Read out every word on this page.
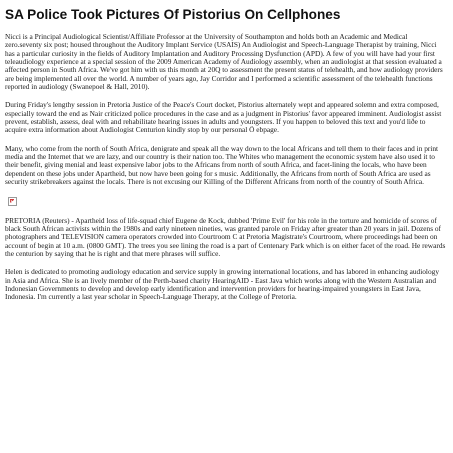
SA Police Took Pictures Of Pistorius On Cellphones

Nicci is a Principal Audiological Scientist/Affiliate Professor at the University of Southampton and holds both an Academic and Medical zero.seventy six post; housed throughout the Auditory Implant Service (USAIS) An Audiologist and Speech-Language Therapist by training, Nicci has a particular curiosity in the fields of Auditory Implantation and Auditory Processing Dysfunction (APD). A few of you will have had your first teleaudiology experience at a special session of the 2009 American Academy of Audiology assembly, when an audiologist at that session evaluated a affected person in South Africa. We've got him with us this month at 20Q to assessment the present status of telehealth, and how audiology providers are being implemented all over the world. A number of years ago, Jay Corridor and I performed a scientific assessment of the telehealth functions reported in audiology (Swanepoel & Hall, 2010).

During Friday's lengthy session in Pretoria Justice of the Peace's Court docket, Pistorius alternately wept and appeared solemn and extra composed, especially toward the end as Nair criticized police procedures in the case and as a judgment in Pistorius' favor appeared imminent. Audiologist assist prevent, establish, assess, deal with and rehabilitate hearing issues in adults and youngsters. If you happen to beloved this text and you'd liðe to acquire extra information about Audiologist Centurion kindly stop by our personal Ö ebpage.

Many, who come from the north of South Africa, denigrate and speak all the way down to the local Africans and tell them to their faces and in print media and the Internet that we are lazy, and our country is their nation too. The Whites who management the economic system have also used it to their benefit, giving menial and least expensive labor jobs to the Africans from north of south Africa, and facet-lining the locals, who have been dependent on these jobs under Apartheid, but now have been going for s music. Additionally, the Africans from north of South Africa are used as security strikebreakers against the locals. There is not excusing our Killing of the Different Africans from north of the country of South Africa.

PRETORIA (Reuters) - Apartheid loss of life-squad chief Eugene de Kock, dubbed 'Prime Evil' for his role in the torture and homicide of scores of black South African activists within the 1980s and early nineteen nineties, was granted parole on Friday after greater than 20 years in jail. Dozens of photographers and TELEVISION camera operators crowded into Courtroom C at Pretoria Magistrate's Courtroom, where proceedings had been on account of begin at 10 a.m. (0800 GMT). The trees you see lining the road is a part of Centenary Park which is on either facet of the road. He rewards the centurion by saying that he is right and that mere phrases will suffice.

Helen is dedicated to promoting audiology education and service supply in growing international locations, and has labored in enhancing audiology in Asia and Africa. She is an lively member of the Perth-based charity HearingAID - East Java which works along with the Western Australian and Indonesian Governments to develop and develop early identification and intervention providers for hearing-impaired youngsters in East Java, Indonesia. I'm currently a last year scholar in Speech-Language Therapy, at the College of Pretoria.
